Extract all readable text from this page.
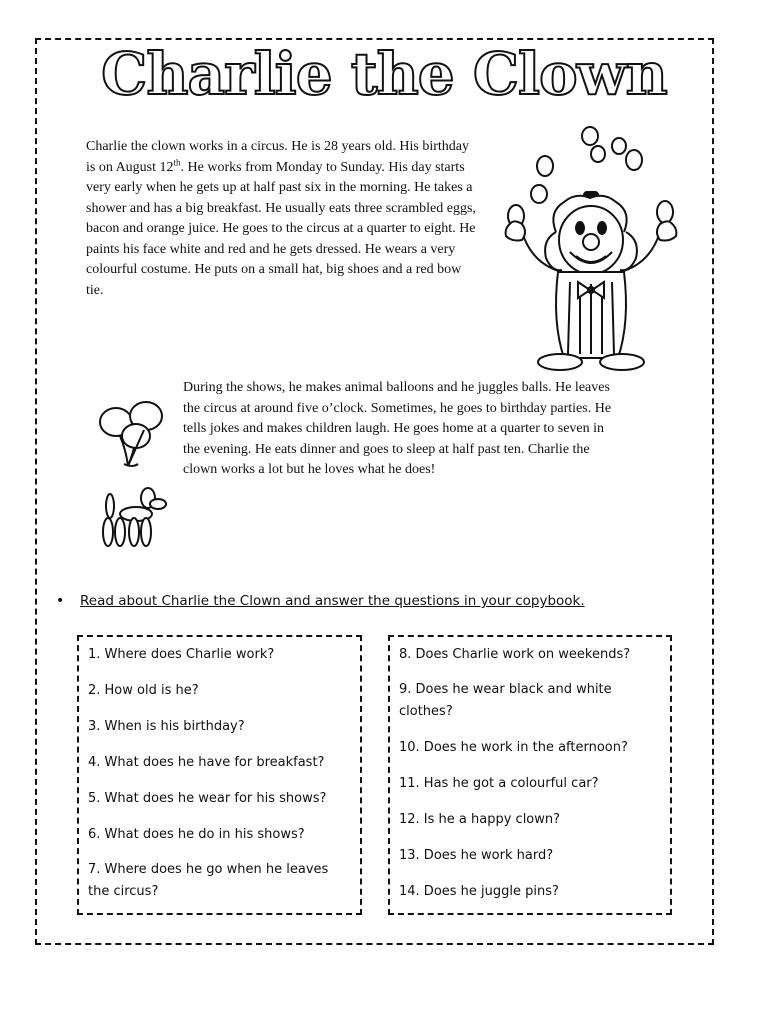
Charlie the Clown

Charlie the clown works in a circus. He is 28 years old. His birthday is on August 12th. He works from Monday to Sunday. His day starts very early when he gets up at half past six in the morning. He takes a shower and has a big breakfast. He usually eats three scrambled eggs, bacon and orange juice. He goes to the circus at a quarter to eight. He paints his face white and red and he gets dressed. He wears a very colourful costume. He puts on a small hat, big shoes and a red bow tie.

During the shows, he makes animal balloons and he juggles balls. He leaves the circus at around five o’clock. Sometimes, he goes to birthday parties. He tells jokes and makes children laugh. He goes home at a quarter to seven in the evening. He eats dinner and goes to sleep at half past ten. Charlie the clown works a lot but he loves what he does!

• Read about Charlie the Clown and answer the questions in your copybook.

1. Where does Charlie work?

2. How old is he?

3. When is his birthday?

4. What does he have for breakfast?

5. What does he wear for his shows?

6. What does he do in his shows?

7. Where does he go when he leaves the circus?

8. Does Charlie work on weekends?

9. Does he wear black and white clothes?

10. Does he work in the afternoon?

11. Has he got a colourful car?

12. Is he a happy clown?

13. Does he work hard?

14. Does he juggle pins?
